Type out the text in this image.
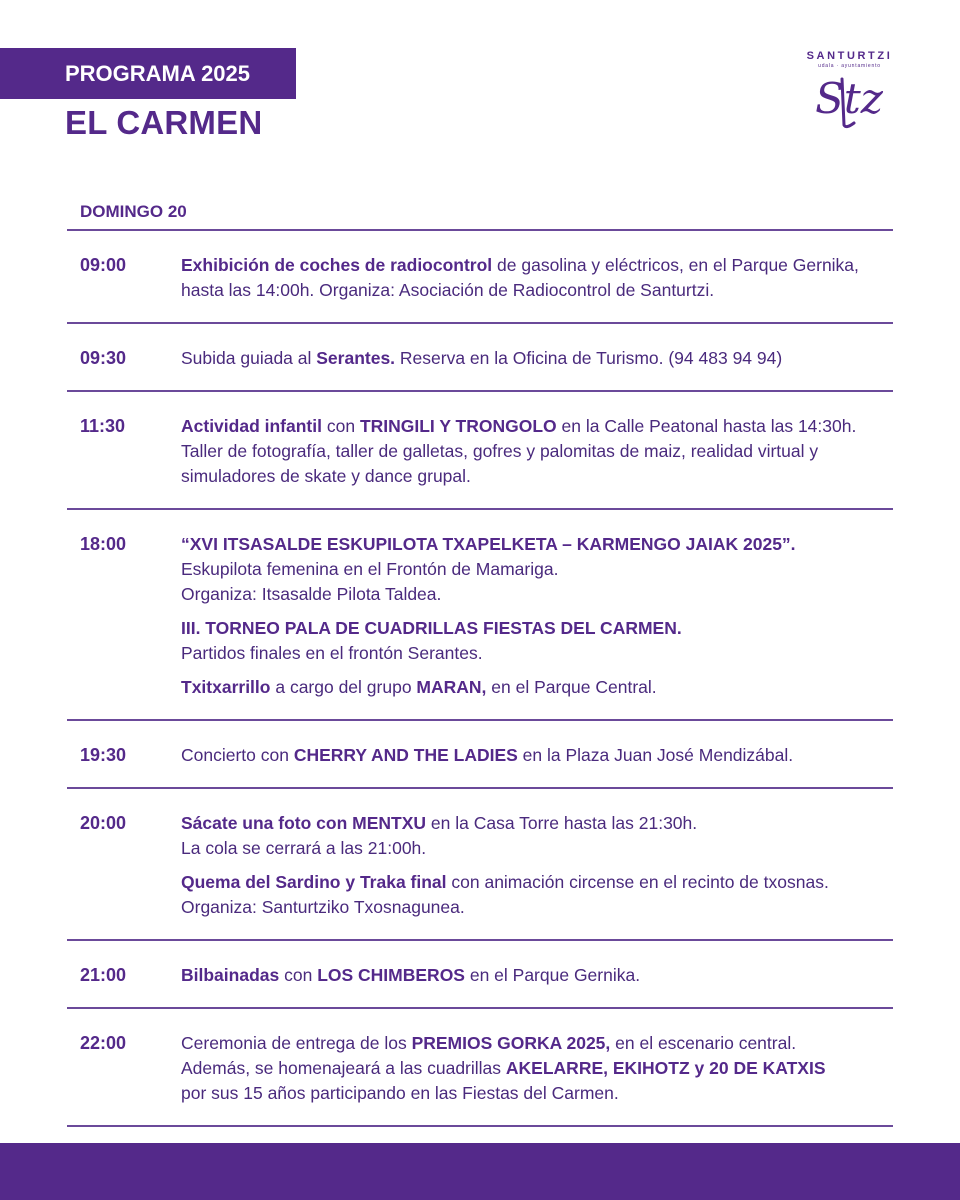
PROGRAMA 2025
EL CARMEN
SANTURTZI
udala · ayuntamiento
Stz
DOMINGO 20
09:00	Exhibición de coches de radiocontrol de gasolina y eléctricos, en el Parque Gernika, hasta las 14:00h. Organiza: Asociación de Radiocontrol de Santurtzi.
09:30	Subida guiada al Serantes. Reserva en la Oficina de Turismo. (94 483 94 94)
11:30	Actividad infantil con TRINGILI Y TRONGOLO en la Calle Peatonal hasta las 14:30h. Taller de fotografía, taller de galletas, gofres y palomitas de maiz, realidad virtual y simuladores de skate y dance grupal.
18:00	“XVI ITSASALDE ESKUPILOTA TXAPELKETA – KARMENGO JAIAK 2025”.
Eskupilota femenina en el Frontón de Mamariga.
Organiza: Itsasalde Pilota Taldea.
III. TORNEO PALA DE CUADRILLAS FIESTAS DEL CARMEN.
Partidos finales en el frontón Serantes.
Txitxarrillo a cargo del grupo MARAN, en el Parque Central.
19:30	Concierto con CHERRY AND THE LADIES en la Plaza Juan José Mendizábal.
20:00	Sácate una foto con MENTXU en la Casa Torre hasta las 21:30h.
La cola se cerrará a las 21:00h.
Quema del Sardino y Traka final con animación circense en el recinto de txosnas.
Organiza: Santurtziko Txosnagunea.
21:00	Bilbainadas con LOS CHIMBEROS en el Parque Gernika.
22:00	Ceremonia de entrega de los PREMIOS GORKA 2025, en el escenario central.
Además, se homenajeará a las cuadrillas AKELARRE, EKIHOTZ y 20 DE KATXIS
por sus 15 años participando en las Fiestas del Carmen.
